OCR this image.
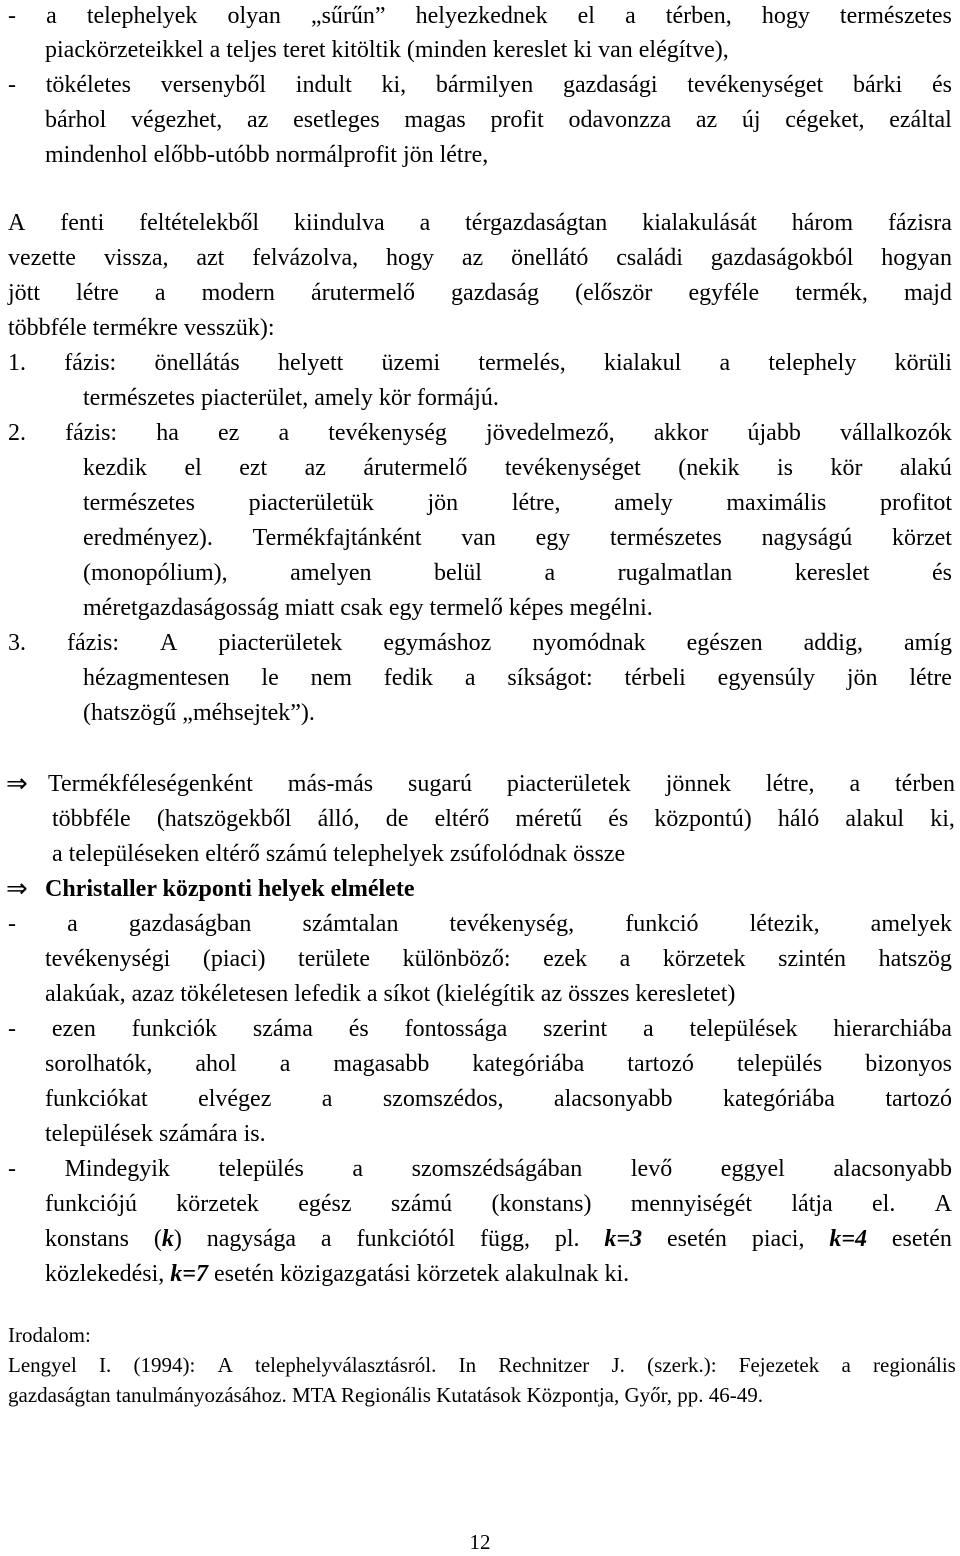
- a telephelyek olyan „sűrűn” helyezkednek el a térben, hogy természetes
piackörzeteikkel a teljes teret kitöltik (minden kereslet ki van elégítve),
- tökéletes versenyből indult ki, bármilyen gazdasági tevékenységet bárki és
bárhol végezhet, az esetleges magas profit odavonzza az új cégeket, ezáltal
mindenhol előbb-utóbb normálprofit jön létre,
A fenti feltételekből kiindulva a térgazdaságtan kialakulását három fázisra
vezette vissza, azt felvázolva, hogy az önellátó családi gazdaságokból hogyan
jött létre a modern árutermelő gazdaság (először egyféle termék, majd
többféle termékre vesszük):
1. fázis: önellátás helyett üzemi termelés, kialakul a telephely körüli
természetes piacterület, amely kör formájú.
2. fázis: ha ez a tevékenység jövedelmező, akkor újabb vállalkozók
kezdik el ezt az árutermelő tevékenységet (nekik is kör alakú
természetes piacterületük jön létre, amely maximális profitot
eredményez). Termékfajtánként van egy természetes nagyságú körzet
(monopólium),	amelyen	belül	a	rugalmatlan	kereslet	és
méretgazdaságosság miatt csak egy termelő képes megélni.
3. fázis: A piacterületek egymáshoz nyomódnak egészen addig, amíg
hézagmentesen le nem fedik a síkságot: térbeli egyensúly jön létre
(hatszögű „méhsejtek”).
Termékféleségenként más-más sugarú piacterületek jönnek létre, a térben
többféle (hatszögekből álló, de eltérő méretű és központú) háló alakul ki,
a településeken eltérő számú telephelyek zsúfolódnak össze
Christaller központi helyek elmélete
- a gazdaságban számtalan tevékenység, funkció létezik, amelyek
tevékenységi (piaci) területe különböző: ezek a körzetek szintén hatszög
alakúak, azaz tökéletesen lefedik a síkot (kielégítik az összes keresletet)
- ezen funkciók száma és fontossága szerint a települések hierarchiába
sorolhatók, ahol a magasabb kategóriába tartozó település bizonyos
funkciókat elvégez a szomszédos, alacsonyabb kategóriába tartozó
települések számára is.
- Mindegyik település a szomszédságában levő eggyel alacsonyabb
funkciójú körzetek egész számú (konstans) mennyiségét látja el. A
konstans (k) nagysága a funkciótól függ, pl. k=3 esetén piaci, k=4 esetén
közlekedési, k=7 esetén közigazgatási körzetek alakulnak ki.
Irodalom:
Lengyel I. (1994): A telephelyválasztásról. In Rechnitzer J. (szerk.): Fejezetek a regionális
gazdaságtan tanulmányozásához. MTA Regionális Kutatások Központja, Győr, pp. 46-49.
⇒
⇒
12
